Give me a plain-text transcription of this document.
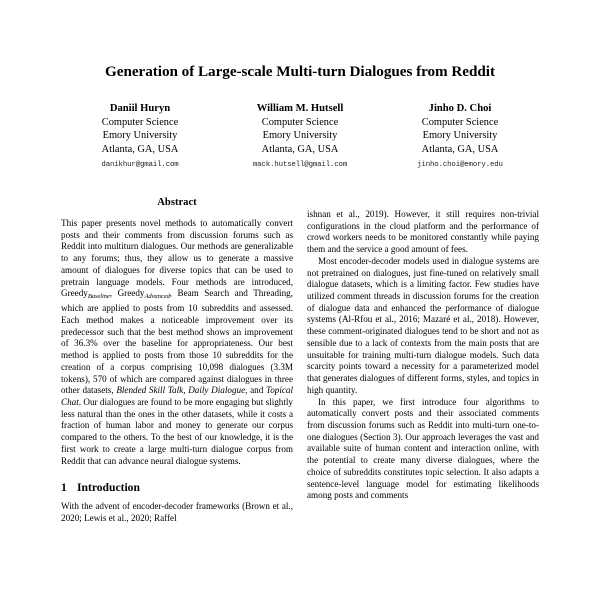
Generation of Large-scale Multi-turn Dialogues from Reddit
Daniil Huryn
Computer Science
Emory University
Atlanta, GA, USA
danikhur@gmail.com
William M. Hutsell
Computer Science
Emory University
Atlanta, GA, USA
mack.hutsell@gmail.com
Jinho D. Choi
Computer Science
Emory University
Atlanta, GA, USA
jinho.choi@emory.edu
Abstract

This paper presents novel methods to automatically convert posts and their comments from discussion forums such as Reddit into multiturn dialogues. Our methods are generalizable to any forums; thus, they allow us to generate a massive amount of dialogues for diverse topics that can be used to pretrain language models. Four methods are introduced, Greedy$_{Baseline}$, Greedy$_{Advanced}$, Beam Search and Threading, which are applied to posts from 10 subreddits and assessed. Each method makes a noticeable improvement over its predecessor such that the best method shows an improvement of 36.3% over the baseline for appropriateness. Our best method is applied to posts from those 10 subreddits for the creation of a corpus comprising 10,098 dialogues (3.3M tokens), 570 of which are compared against dialogues in three other datasets, Blended Skill Talk, Daily Dialogue, and Topical Chat. Our dialogues are found to be more engaging but slightly less natural than the ones in the other datasets, while it costs a fraction of human labor and money to generate our corpus compared to the others. To the best of our knowledge, it is the first work to create a large multi-turn dialogue corpus from Reddit that can advance neural dialogue systems.

1 Introduction

With the advent of encoder-decoder frameworks (Brown et al., 2020; Lewis et al., 2020; Raffel

ishnan et al., 2019). However, it still requires non-trivial configurations in the cloud platform and the performance of crowd workers needs to be monitored constantly while paying them and the service a good amount of fees.

Most encoder-decoder models used in dialogue systems are not pretrained on dialogues, just fine-tuned on relatively small dialogue datasets, which is a limiting factor. Few studies have utilized comment threads in discussion forums for the creation of dialogue data and enhanced the performance of dialogue systems (Al-Rfou et al., 2016; Mazaré et al., 2018). However, these comment-originated dialogues tend to be short and not as sensible due to a lack of contexts from the main posts that are unsuitable for training multi-turn dialogue models. Such data scarcity points toward a necessity for a parameterized model that generates dialogues of different forms, styles, and topics in high quantity.

In this paper, we first introduce four algorithms to automatically convert posts and their associated comments from discussion forums such as Reddit into multi-turn one-to-one dialogues (Section 3). Our approach leverages the vast and available suite of human content and interaction online, with the potential to create many diverse dialogues, where the choice of subreddits constitutes topic selection. It also adapts a sentence-level language model for estimating likelihoods among posts and comments
